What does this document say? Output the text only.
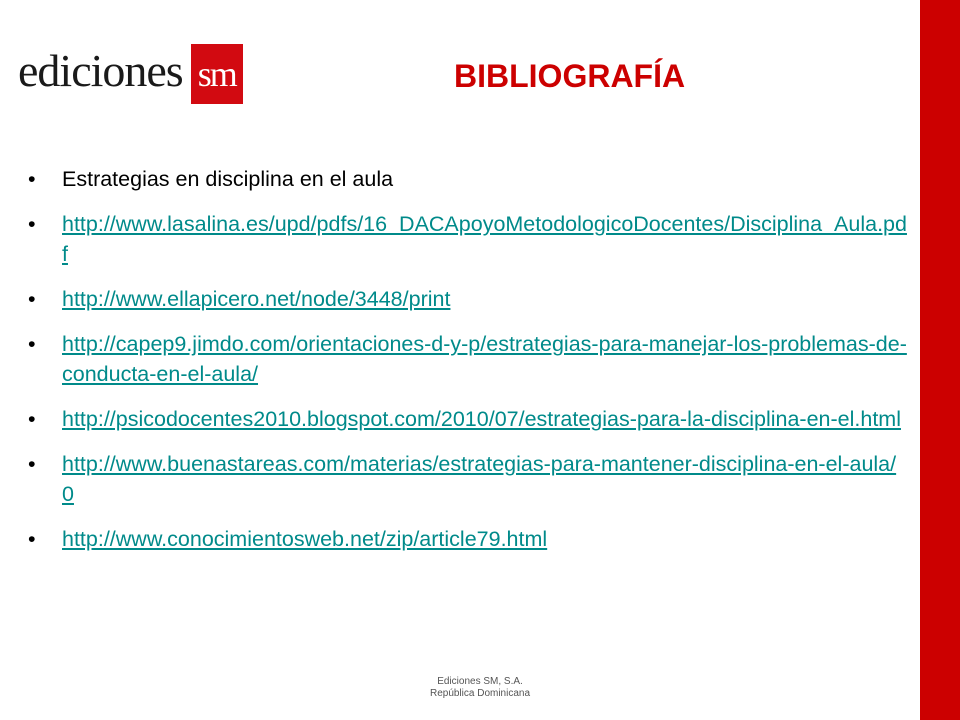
ediciones sm	BIBLIOGRAFÍA
•	Estrategias en disciplina en el aula
•	http://www.lasalina.es/upd/pdfs/16_DACApoyoMetodologicoDocentes/Disciplina_Aula.pdf
•	http://www.ellapicero.net/node/3448/print
•	http://capep9.jimdo.com/orientaciones-d-y-p/estrategias-para-manejar-los-problemas-de-conducta-en-el-aula/
•	http://psicodocentes2010.blogspot.com/2010/07/estrategias-para-la-disciplina-en-el.html
•	http://www.buenastareas.com/materias/estrategias-para-mantener-disciplina-en-el-aula/0
•	http://www.conocimientosweb.net/zip/article79.html
Ediciones SM, S.A.
República Dominicana
